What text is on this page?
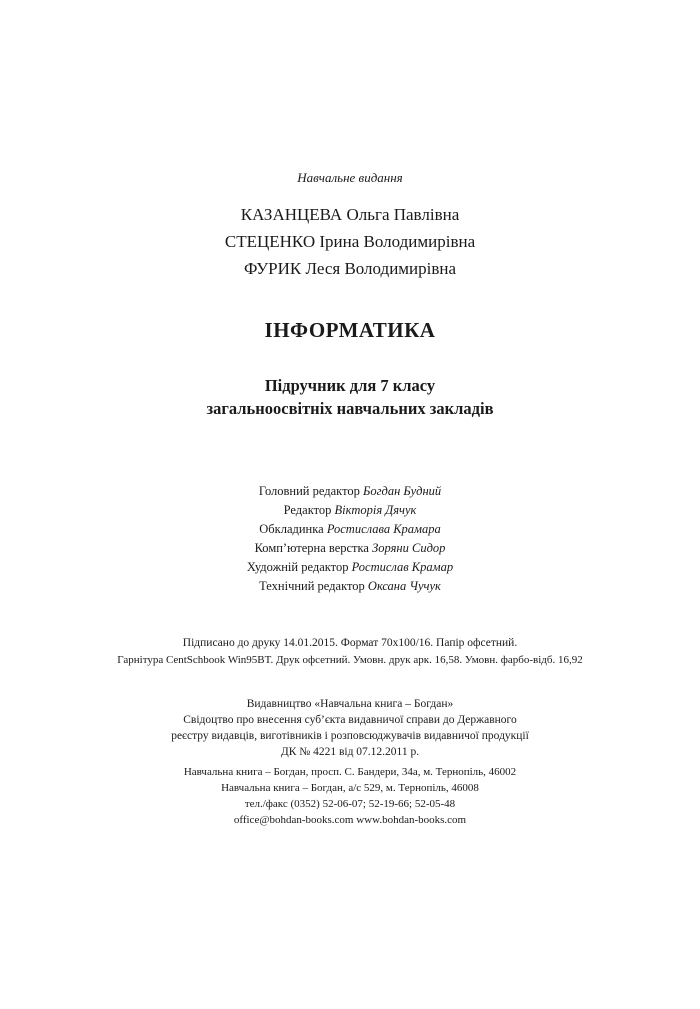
Навчальне видання
КАЗАНЦЕВА Ольга Павлівна
СТЕЦЕНКО Ірина Володимирівна
ФУРИК Леся Володимирівна
ІНФОРМАТИКА
Підручник для 7 класу
загальноосвітніх навчальних закладів
Головний редактор Богдан Будний
Редактор Вікторія Дячук
Обкладинка Ростислава Крамара
Комп’ютерна верстка Зоряни Сидор
Художній редактор Ростислав Крамар
Технічний редактор Оксана Чучук
Підписано до друку 14.01.2015. Формат 70х100/16. Папір офсетний.
Гарнітура CentSchbook Win95BT. Друк офсетний. Умовн. друк арк. 16,58. Умовн. фарбо-відб. 16,92
Видавництво «Навчальна книга – Богдан»
Свідоцтво про внесення суб’єкта видавничої справи до Державного
реєстру видавців, виготівників і розповсюджувачів видавничої продукції
ДК № 4221 від 07.12.2011 р.
Навчальна книга – Богдан, просп. С. Бандери, 34а, м. Тернопіль, 46002
Навчальна книга – Богдан, а/с 529, м. Тернопіль, 46008
тел./факс (0352) 52-06-07; 52-19-66; 52-05-48
office@bohdan-books.com www.bohdan-books.com
